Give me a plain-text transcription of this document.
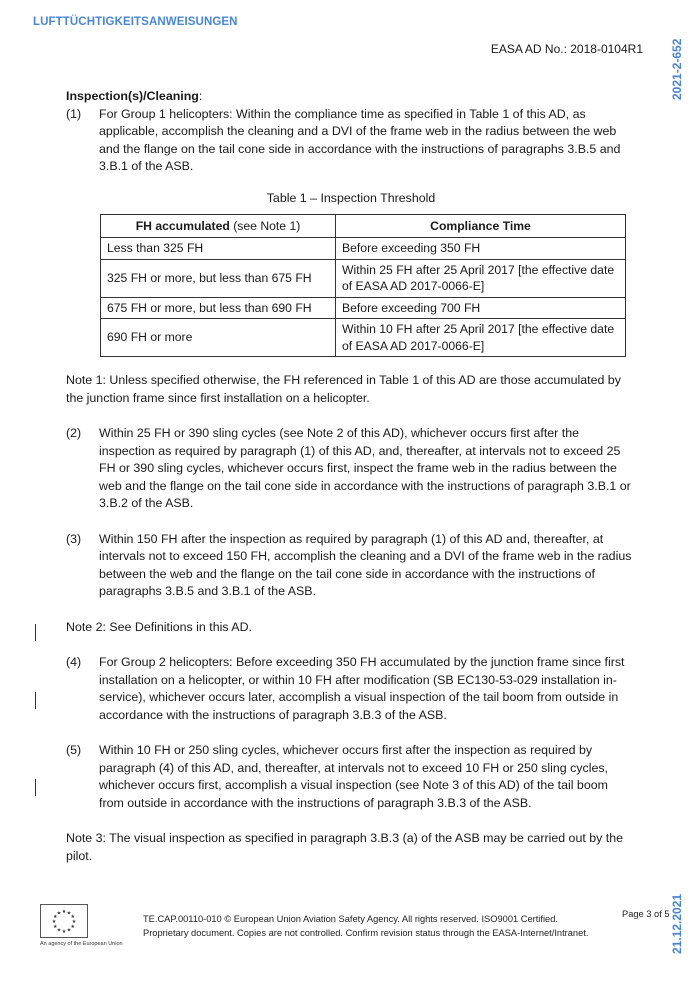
LUFTTÜCHTIGKEITSANWEISUNGEN
EASA AD No.: 2018-0104R1 2021-2-652
21.12.2021

Inspection(s)/Cleaning:

(1) For Group 1 helicopters: Within the compliance time as specified in Table 1 of this AD, as applicable, accomplish the cleaning and a DVI of the frame web in the radius between the web and the flange on the tail cone side in accordance with the instructions of paragraphs 3.B.5 and 3.B.1 of the ASB.

Table 1 – Inspection Threshold
FH accumulated (see Note 1)	Compliance Time
Less than 325 FH	Before exceeding 350 FH
325 FH or more, but less than 675 FH	Within 25 FH after 25 April 2017 [the effective date of EASA AD 2017-0066-E]
675 FH or more, but less than 690 FH	Before exceeding 700 FH
690 FH or more	Within 10 FH after 25 April 2017 [the effective date of EASA AD 2017-0066-E]

Note 1: Unless specified otherwise, the FH referenced in Table 1 of this AD are those accumulated by the junction frame since first installation on a helicopter.

(2) Within 25 FH or 390 sling cycles (see Note 2 of this AD), whichever occurs first after the inspection as required by paragraph (1) of this AD, and, thereafter, at intervals not to exceed 25 FH or 390 sling cycles, whichever occurs first, inspect the frame web in the radius between the web and the flange on the tail cone side in accordance with the instructions of paragraph 3.B.1 or 3.B.2 of the ASB.

(3) Within 150 FH after the inspection as required by paragraph (1) of this AD and, thereafter, at intervals not to exceed 150 FH, accomplish the cleaning and a DVI of the frame web in the radius between the web and the flange on the tail cone side in accordance with the instructions of paragraphs 3.B.5 and 3.B.1 of the ASB.

Note 2: See Definitions in this AD.

(4) For Group 2 helicopters: Before exceeding 350 FH accumulated by the junction frame since first installation on a helicopter, or within 10 FH after modification (SB EC130-53-029 installation in-service), whichever occurs later, accomplish a visual inspection of the tail boom from outside in accordance with the instructions of paragraph 3.B.3 of the ASB.

(5) Within 10 FH or 250 sling cycles, whichever occurs first after the inspection as required by paragraph (4) of this AD, and, thereafter, at intervals not to exceed 10 FH or 250 sling cycles, whichever occurs first, accomplish a visual inspection (see Note 3 of this AD) of the tail boom from outside in accordance with the instructions of paragraph 3.B.3 of the ASB.

Note 3: The visual inspection as specified in paragraph 3.B.3 (a) of the ASB may be carried out by the pilot.

★ ★
★
★
★
★
★
★
★
★
★
★
An agency of the European Union
TE.CAP.00110-010 © European Union Aviation Safety Agency. All rights reserved. ISO9001 Certified.
Proprietary document. Copies are not controlled. Confirm revision status through the EASA-Internet/Intranet.
Page 3 of 5
